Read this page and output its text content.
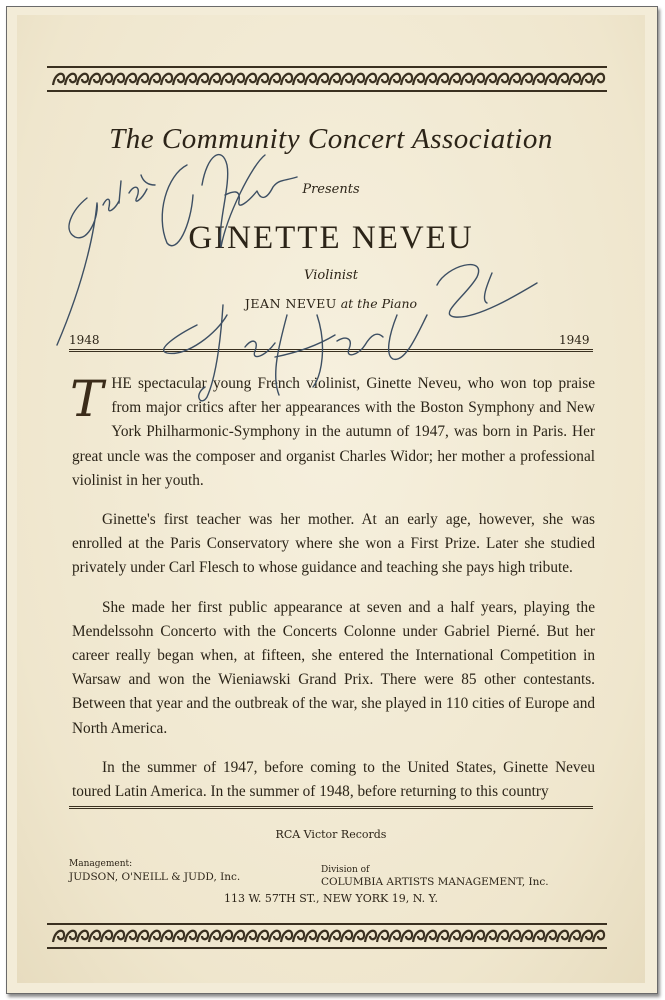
The Community Concert Association
Presents
GINETTE NEVEU
Violinist
JEAN NEVEU at the Piano
1948	1949

THE spectacular young French violinist, Ginette Neveu, who won top praise from major critics after her appearances with the Boston Symphony and New York Philharmonic-Symphony in the autumn of 1947, was born in Paris. Her great uncle was the composer and organist Charles Widor; her mother a professional violinist in her youth.

Ginette's first teacher was her mother. At an early age, however, she was enrolled at the Paris Conservatory where she won a First Prize. Later she studied privately under Carl Flesch to whose guidance and teaching she pays high tribute.

She made her first public appearance at seven and a half years, playing the Mendelssohn Concerto with the Concerts Colonne under Gabriel Pierné. But her career really began when, at fifteen, she entered the International Competition in Warsaw and won the Wieniawski Grand Prix. There were 85 other contestants. Between that year and the outbreak of the war, she played in 110 cities of Europe and North America.

In the summer of 1947, before coming to the United States, Ginette Neveu toured Latin America. In the summer of 1948, before returning to this country

RCA Victor Records
Management:
JUDSON, O'NEILL & JUDD, Inc.
Division of
COLUMBIA ARTISTS MANAGEMENT, Inc.
113 W. 57TH ST., NEW YORK 19, N. Y.
